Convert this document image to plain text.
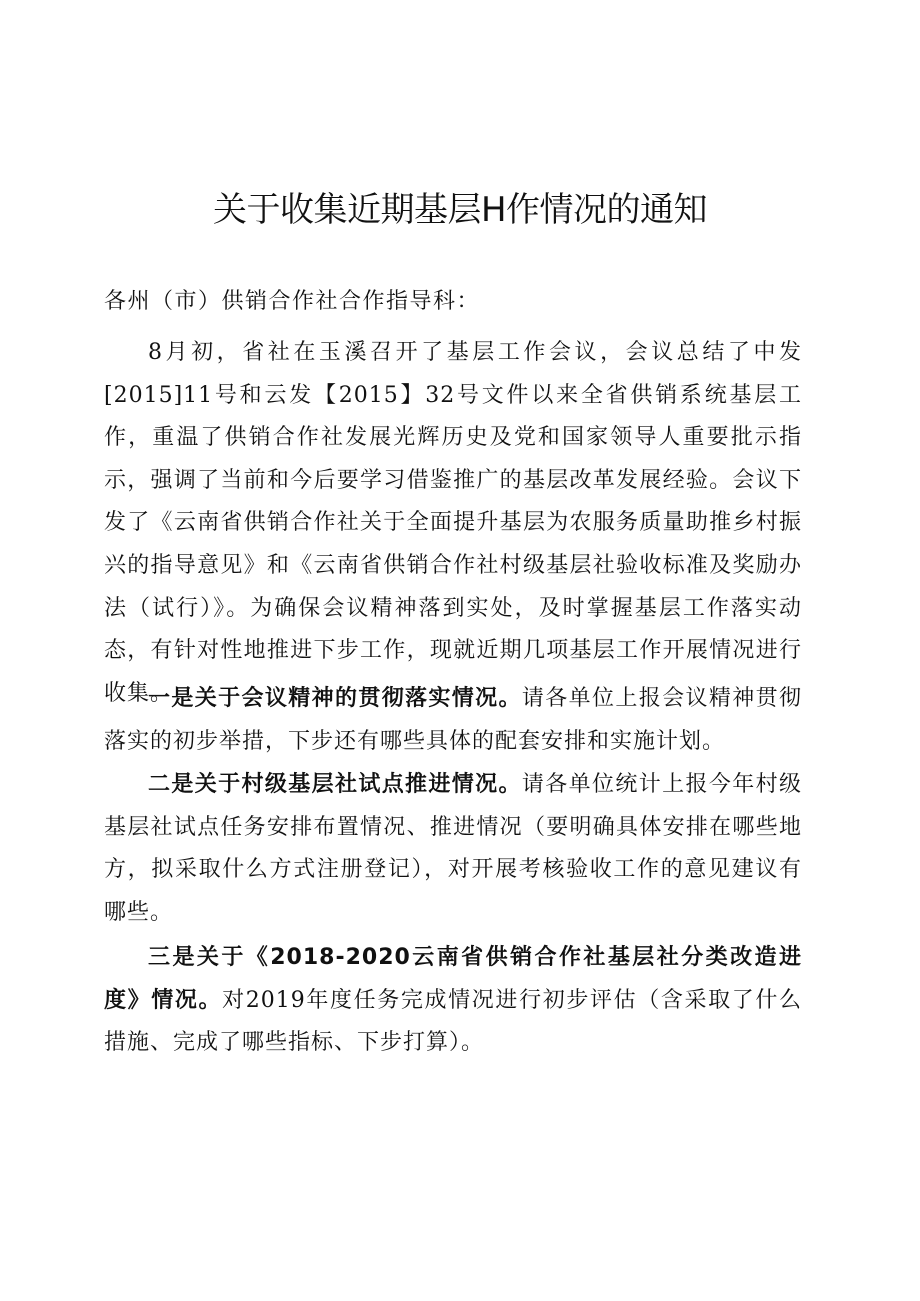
关于收集近期基层H作情况的通知

各州（市）供销合作社合作指导科：

8月初，省社在玉溪召开了基层工作会议，会议总结了中发[2015]11号和云发【2015】32号文件以来全省供销系统基层工作，重温了供销合作社发展光辉历史及党和国家领导人重要批示指示，强调了当前和今后要学习借鉴推广的基层改革发展经验。会议下发了《云南省供销合作社关于全面提升基层为农服务质量助推乡村振兴的指导意见》和《云南省供销合作社村级基层社验收标准及奖励办法（试行）》。为确保会议精神落到实处，及时掌握基层工作落实动态，有针对性地推进下步工作，现就近期几项基层工作开展情况进行收集。

一是关于会议精神的贯彻落实情况。请各单位上报会议精神贯彻落实的初步举措，下步还有哪些具体的配套安排和实施计划。

二是关于村级基层社试点推进情况。请各单位统计上报今年村级基层社试点任务安排布置情况、推进情况（要明确具体安排在哪些地方，拟采取什么方式注册登记），对开展考核验收工作的意见建议有哪些。

三是关于《2018-2020云南省供销合作社基层社分类改造进度》情况。对2019年度任务完成情况进行初步评估（含采取了什么措施、完成了哪些指标、下步打算）。
